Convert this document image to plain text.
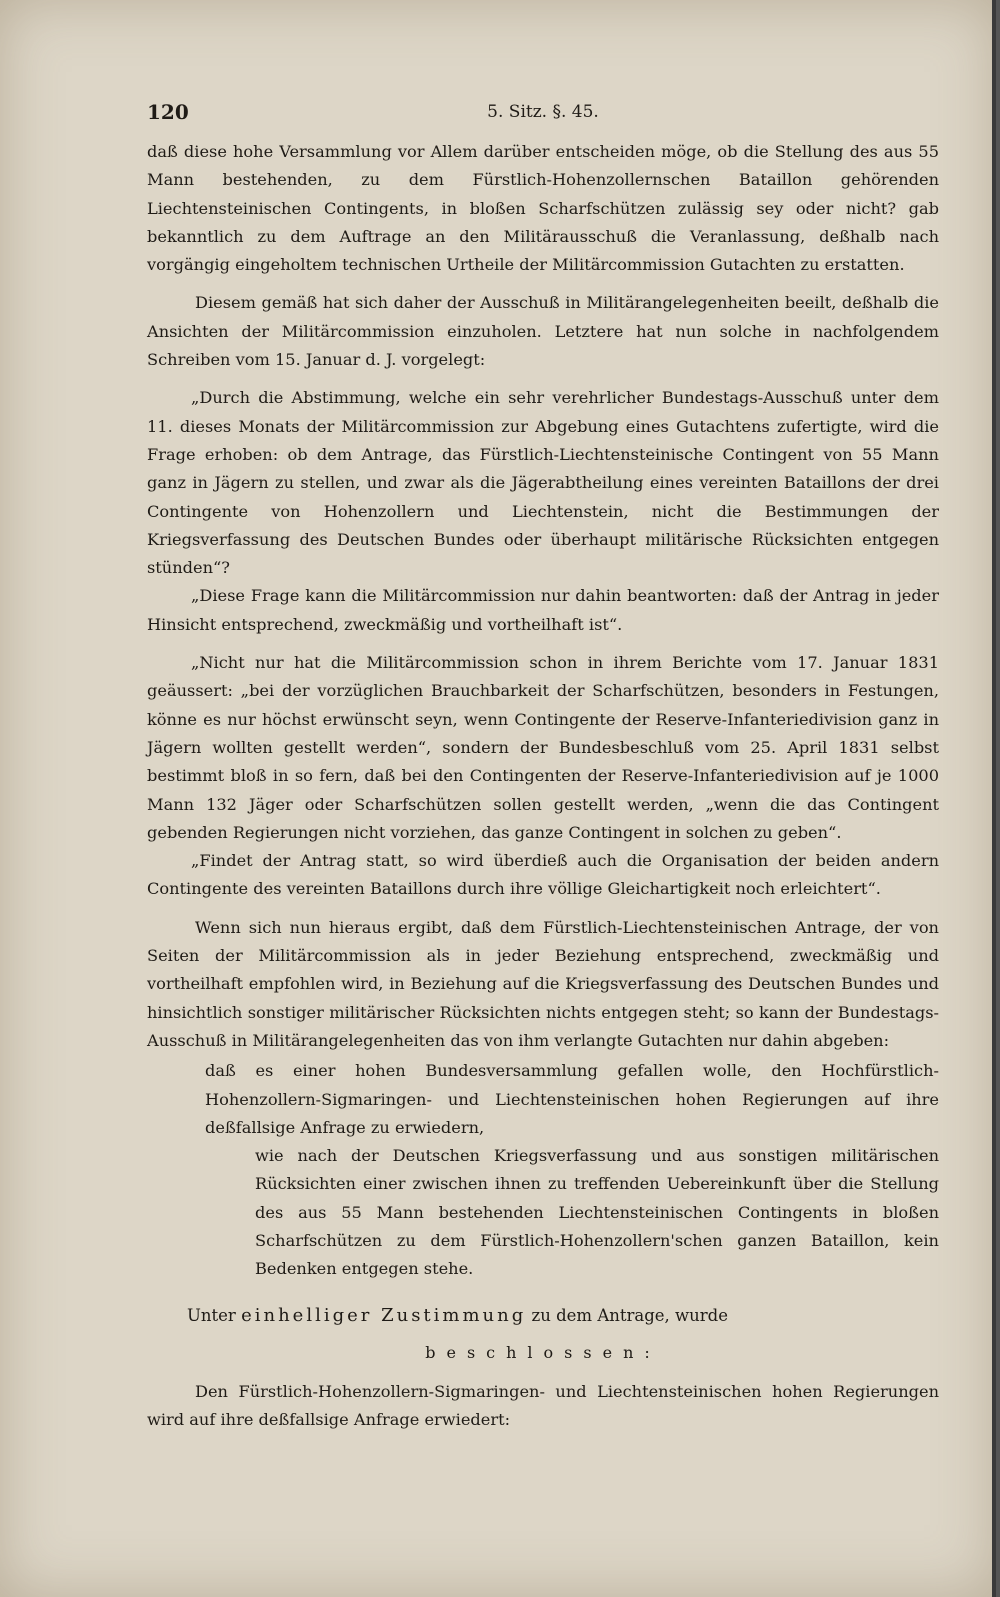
120	5. Sitz. §. 45.

daß diese hohe Versammlung vor Allem darüber entscheiden möge, ob die Stellung des aus 55 Mann bestehenden, zu dem Fürstlich-Hohenzollernschen Bataillon gehörenden Liechtensteinischen Contingents, in bloßen Scharfschützen zulässig sey oder nicht? gab bekanntlich zu dem Auftrage an den Militärausschuß die Veranlassung, deßhalb nach vorgängig eingeholtem technischen Urtheile der Militärcommission Gutachten zu erstatten.

Diesem gemäß hat sich daher der Ausschuß in Militärangelegenheiten beeilt, deßhalb die Ansichten der Militärcommission einzuholen. Letztere hat nun solche in nachfolgendem Schreiben vom 15. Januar d. J. vorgelegt:

„Durch die Abstimmung, welche ein sehr verehrlicher Bundestags-Ausschuß unter dem 11. dieses Monats der Militärcommission zur Abgebung eines Gutachtens zufertigte, wird die Frage erhoben: ob dem Antrage, das Fürstlich-Liechtensteinische Contingent von 55 Mann ganz in Jägern zu stellen, und zwar als die Jägerabtheilung eines vereinten Bataillons der drei Contingente von Hohenzollern und Liechtenstein, nicht die Bestimmungen der Kriegsverfassung des Deutschen Bundes oder überhaupt militärische Rücksichten entgegen stünden“?

„Diese Frage kann die Militärcommission nur dahin beantworten: daß der Antrag in jeder Hinsicht entsprechend, zweckmäßig und vortheilhaft ist“.

„Nicht nur hat die Militärcommission schon in ihrem Berichte vom 17. Januar 1831 geäussert: „bei der vorzüglichen Brauchbarkeit der Scharfschützen, besonders in Festungen, könne es nur höchst erwünscht seyn, wenn Contingente der Reserve-Infanteriedivision ganz in Jägern wollten gestellt werden“, sondern der Bundesbeschluß vom 25. April 1831 selbst bestimmt bloß in so fern, daß bei den Contingenten der Reserve-Infanteriedivision auf je 1000 Mann 132 Jäger oder Scharfschützen sollen gestellt werden, „wenn die das Contingent gebenden Regierungen nicht vorziehen, das ganze Contingent in solchen zu geben“.

„Findet der Antrag statt, so wird überdieß auch die Organisation der beiden andern Contingente des vereinten Bataillons durch ihre völlige Gleichartigkeit noch erleichtert“.

Wenn sich nun hieraus ergibt, daß dem Fürstlich-Liechtensteinischen Antrage, der von Seiten der Militärcommission als in jeder Beziehung entsprechend, zweckmäßig und vortheilhaft empfohlen wird, in Beziehung auf die Kriegsverfassung des Deutschen Bundes und hinsichtlich sonstiger militärischer Rücksichten nichts entgegen steht; so kann der Bundestags-Ausschuß in Militärangelegenheiten das von ihm verlangte Gutachten nur dahin abgeben:

daß es einer hohen Bundesversammlung gefallen wolle, den Hochfürstlich-Hohenzollern-Sigmaringen- und Liechtensteinischen hohen Regierungen auf ihre deßfallsige Anfrage zu erwiedern,

wie nach der Deutschen Kriegsverfassung und aus sonstigen militärischen Rücksichten einer zwischen ihnen zu treffenden Uebereinkunft über die Stellung des aus 55 Mann bestehenden Liechtensteinischen Contingents in bloßen Scharfschützen zu dem Fürstlich-Hohenzollern'schen ganzen Bataillon, kein Bedenken entgegen stehe.

Unter einhelliger Zustimmung zu dem Antrage, wurde

beschlossen:

Den Fürstlich-Hohenzollern-Sigmaringen- und Liechtensteinischen hohen Regierungen wird auf ihre deßfallsige Anfrage erwiedert:
